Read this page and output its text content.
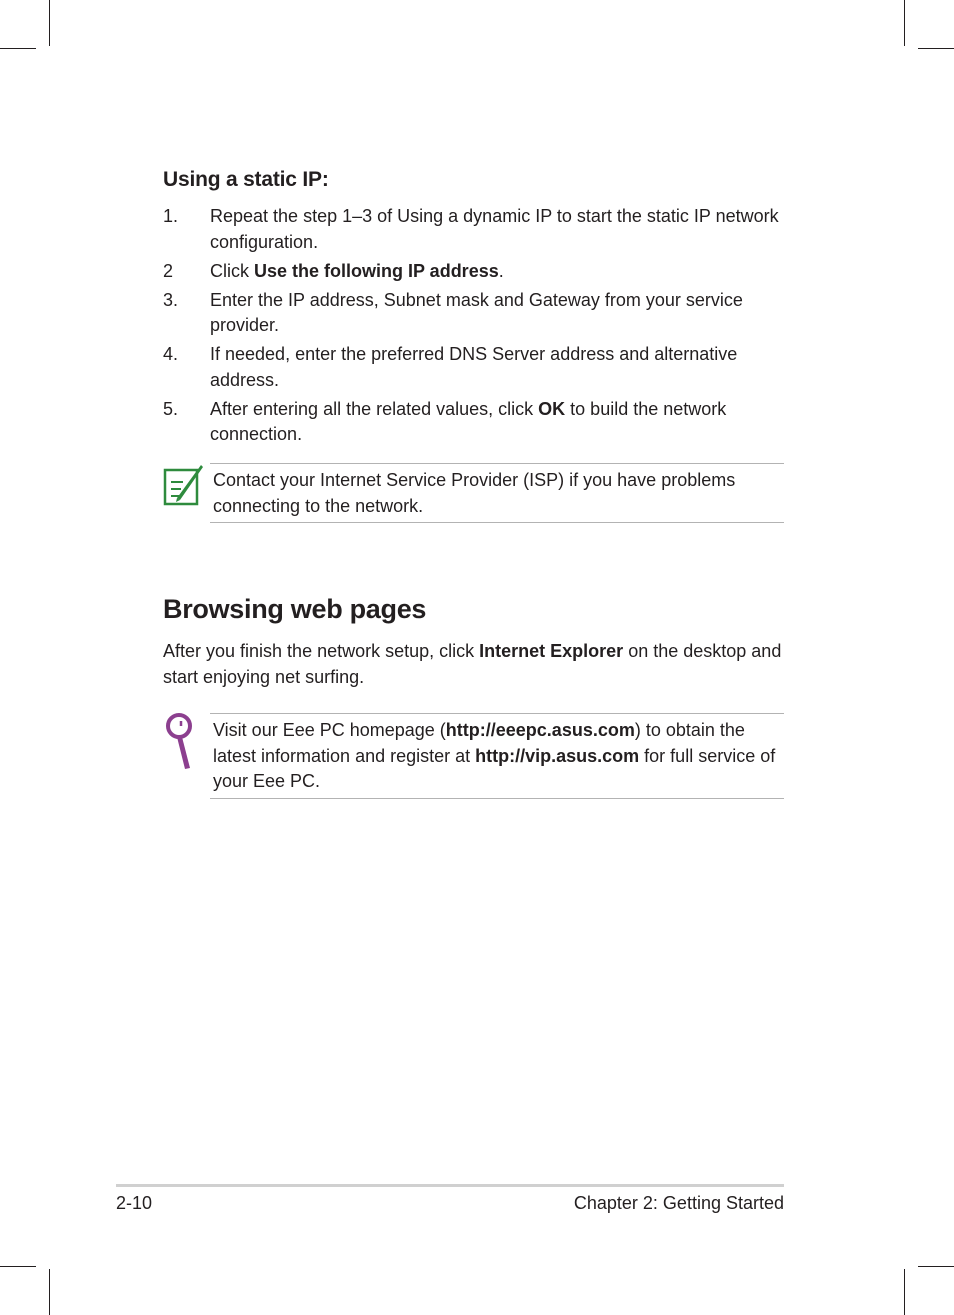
Using a static IP:
1. Repeat the step 1–3 of Using a dynamic IP to start the static IP network configuration.
2 Click Use the following IP address.
3. Enter the IP address, Subnet mask and Gateway from your service provider.
4. If needed, enter the preferred DNS Server address and alternative address.
5. After entering all the related values, click OK to build the network connection.
Contact your Internet Service Provider (ISP) if you have problems connecting to the network.
Browsing web pages

After you finish the network setup, click Internet Explorer on the desktop and start enjoying net surfing.

Visit our Eee PC homepage (http://eeepc.asus.com) to obtain the latest information and register at http://vip.asus.com for full service of your Eee PC.
2-10	Chapter 2: Getting Started
